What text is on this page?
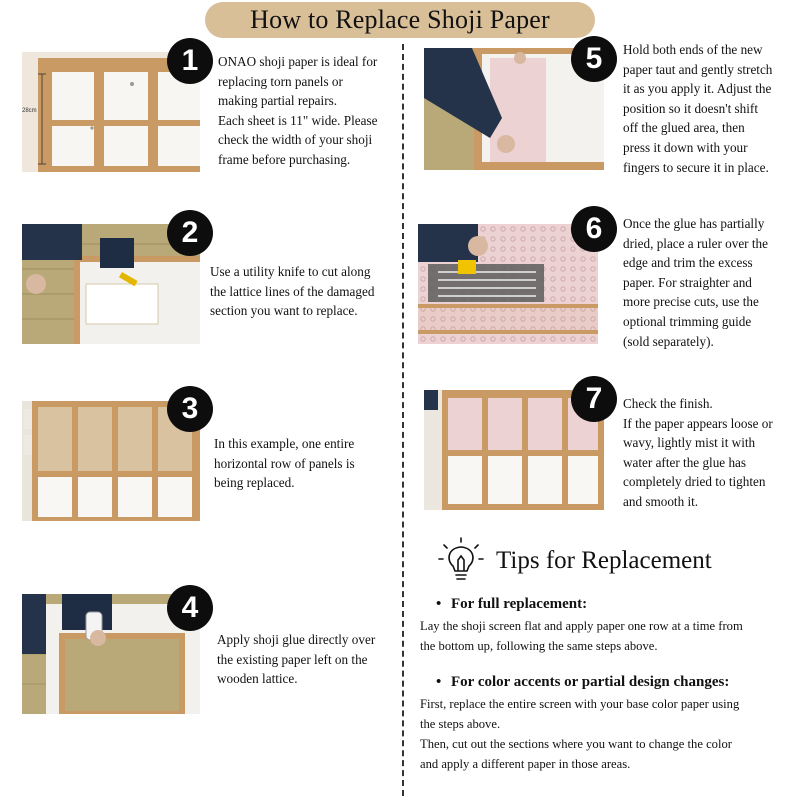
How to Replace Shoji Paper
28cm
1	ONAO shoji paper is ideal for

replacing torn panels or

making partial repairs.

Each sheet is 11" wide. Please

check the width of your shoji

frame before purchasing.

2

Use a utility knife to cut along

the lattice lines of the damaged

section you want to replace.

3

In this example, one entire

horizontal row of panels is

being replaced.

4

Apply shoji glue directly over

the existing paper left on the

wooden lattice.

5	Hold both ends of the new

paper taut and gently stretch

it as you apply it. Adjust the

position so it doesn't shift

off the glued area, then

press it down with your

fingers to secure it in place.

6	Once the glue has partially

dried, place a ruler over the

edge and trim the excess

paper. For straighter and

more precise cuts, use the

optional trimming guide

(sold separately).

7	Check the finish.

If the paper appears loose or

wavy, lightly mist it with

water after the glue has

completely dried to tighten

and smooth it.

Tips for Replacement
• For full replacement:

Lay the shoji screen flat and apply paper one row at a time from

the bottom up, following the same steps above.

• For color accents or partial design changes:

First, replace the entire screen with your base color paper using

the steps above.

Then, cut out the sections where you want to change the color

and apply a different paper in those areas.
